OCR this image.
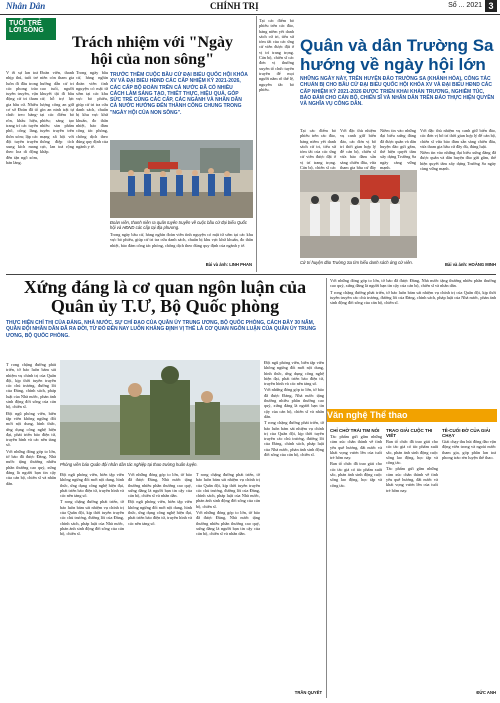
Nhân Dân	CHÍNH TRỊ	Số ... 2021 3
TUỔI TRẺ LỜI SÔNG
Trách nhiệm với "Ngày hội của non sông"
TRƯỚC THỀM CUỘC BẦU CỬ ĐẠI BIỂU QUỐC HỘI KHÓA XV VÀ ĐẠI BIỂU HĐND CÁC CẤP NHIỆM KỲ 2021-2026, CÁC CẤP BỘ ĐOÀN TRÊN CẢ NƯỚC ĐÃ CÓ NHIỀU CÁCH LÀM SÁNG TẠO, THIẾT THỰC, HIỆU QUẢ, GÓP SỨC TRẺ CÙNG CÁC CẤP, CÁC NGÀNH VÀ NHÂN DÂN CẢ NƯỚC HƯỚNG ĐẾN THÀNH CÔNG CHUNG TRONG "NGÀY HỘI CỦA NON SÔNG".

V ới sự lan toả nhịp thú, tuổi trẻ luôn đi đầu trong các phong trào tuyên truyền, vận động cử tri tham gia bầu cử. Nhiều cơ sở Đoàn đã tổ chức treo băng-rôn, khẩu hiệu, trang trí các tuyến phố, cổng làng, thôn xóm; lập các đội tuyên truyền xung kích mang theo loa di động đến tận ngõ xóm, bản làng.

Đoàn viên, thanh niên còn tham gia hướng dẫn cử tri cao tuổi, người khuyết tật đi bầu cử; hỗ trợ lực lượng công an giữ gìn an ninh trật tự tại các điểm bỏ phiếu; sáng tạo nhiều sản phẩm tuyên truyền trên mạng xã hội với thông điệp tích cực, lan toả rộng khắp.

Trong ngày bầu cử, hàng nghìn đoàn viên tình nguyện có mặt từ sớm tại các khu vực bỏ phiếu, giúp cử tri tra cứu danh sách, chuẩn bị khu vực khử khuẩn, đo thân nhiệt, bảo đảm công tác phòng, chống dịch theo đúng quy định của ngành y tế.

Đoàn viên, thanh niên ra quân tuyên truyền về cuộc bầu cử đại biểu Quốc hội và HĐND các cấp tại địa phương.

Trong ngày bầu cử, hàng nghìn đoàn viên tình nguyện có mặt từ sớm tại các khu vực bỏ phiếu, giúp cử tri tra cứu danh sách, chuẩn bị khu vực khử khuẩn, đo thân nhiệt, bảo đảm công tác phòng, chống dịch theo đúng quy định của ngành y tế.

Bài và ảnh: LINH PHAN

Tại các điểm bỏ phiếu trên các đảo, bảng niêm yết danh sách cử tri, tiểu sử tóm tắt của các ứng cử viên được đặt ở vị trí trang trọng. Cán bộ, chiến sĩ các đơn vị thường xuyên tổ chức tuyên truyền để mọi người nắm rõ thể lệ, nguyên tắc bỏ phiếu.

Quân và dân Trường Sa hướng về ngày hội lớn
NHỮNG NGÀY NÀY, TRÊN HUYỆN ĐẢO TRƯỜNG SA (KHÁNH HÒA), CÔNG TÁC CHUẨN BỊ CHO BẦU CỬ ĐẠI BIỂU QUỐC HỘI KHÓA XV VÀ ĐẠI BIỂU HĐND CÁC CẤP NHIỆM KỲ 2021-2026 ĐƯỢC TRIỂN KHAI KHẨN TRƯƠNG, NGHIÊM TÚC, BẢO ĐẢM CHO CÁN BỘ, CHIẾN SĨ VÀ NHÂN DÂN TRÊN ĐẢO THỰC HIỆN QUYỀN VÀ NGHĨA VỤ CÔNG DÂN.

Tại các điểm bỏ phiếu trên các đảo, bảng niêm yết danh sách cử tri, tiểu sử tóm tắt của các ứng cử viên được đặt ở vị trí trang trọng. Cán bộ, chiến sĩ các

Với đặc thù nhiệm vụ canh giữ biển đảo, các đơn vị bố trí thời gian hợp lý để cán bộ, chiến sĩ vừa bảo đảm sẵn sàng chiến đấu, vừa tham gia bầu cử đầy

Niềm tin vào những đại biểu xứng đáng đã được quân và dân huyện đảo gửi gắm, thể hiện quyết tâm xây dựng Trường Sa ngày càng vững mạnh.

Với đặc thù nhiệm vụ canh giữ biển đảo, các đơn vị bố trí thời gian hợp lý để cán bộ, chiến sĩ vừa bảo đảm sẵn sàng chiến đấu, vừa tham gia bầu cử đầy đủ, đúng luật.

Niềm tin vào những đại biểu xứng đáng đã được quân và dân huyện đảo gửi gắm, thể hiện quyết tâm xây dựng Trường Sa ngày càng vững mạnh.

Cử tri huyện đảo Trường Sa tìm hiểu danh sách ứng cử viên.	Bài và ảnh: HOÀNG MINH
Xứng đáng là cơ quan ngôn luận của Quân ủy T.Ư, Bộ Quốc phòng
THỰC HIỆN CHỈ THỊ CỦA ĐẢNG, NHÀ NƯỚC, SỰ CHỈ ĐẠO CỦA QUÂN ỦY TRUNG ƯƠNG, BỘ QUỐC PHÒNG, CÁCH ĐÂY 30 NĂM, QUÂN ĐỘI NHÂN DÂN ĐÃ RA ĐỜI, TỪ ĐÓ ĐẾN NAY LUÔN KHẲNG ĐỊNH VỊ THẾ LÀ CƠ QUAN NGÔN LUẬN CỦA QUÂN ỦY TRUNG ƯƠNG, BỘ QUỐC PHÒNG.

T rong chặng đường phát triển, tờ báo luôn bám sát nhiệm vụ chính trị của Quân đội, kịp thời tuyên truyền các chủ trương, đường lối của Đảng, chính sách, pháp luật của Nhà nước, phản ánh sinh động đời sống của cán bộ, chiến sĩ.

Đội ngũ phóng viên, biên tập viên không ngừng đổi mới nội dung, hình thức, ứng dụng công nghệ hiện đại, phát triển báo điện tử, truyền hình và các nền tảng số.

Với những đóng góp to lớn, tờ báo đã được Đảng, Nhà nước tặng thưởng nhiều phần thưởng cao quý, xứng đáng là người bạn tin cậy của cán bộ, chiến sĩ và nhân dân.

Phóng viên báo Quân đội nhân dân tác nghiệp tại thao trường huấn luyện.

Đội ngũ phóng viên, biên tập viên không ngừng đổi mới nội dung, hình thức, ứng dụng công nghệ hiện đại, phát triển báo điện tử, truyền hình và các nền tảng số.

T rong chặng đường phát triển, tờ báo luôn bám sát nhiệm vụ chính trị của Quân đội, kịp thời tuyên truyền các chủ trương, đường lối của Đảng, chính sách, pháp luật của Nhà nước, phản ánh sinh động đời sống của cán bộ, chiến sĩ.

Với những đóng góp to lớn, tờ báo đã được Đảng, Nhà nước tặng thưởng nhiều phần thưởng cao quý, xứng đáng là người bạn tin cậy của cán bộ, chiến sĩ và nhân dân.

Đội ngũ phóng viên, biên tập viên không ngừng đổi mới nội dung, hình thức, ứng dụng công nghệ hiện đại, phát triển báo điện tử, truyền hình và các nền tảng số.

T rong chặng đường phát triển, tờ báo luôn bám sát nhiệm vụ chính trị của Quân đội, kịp thời tuyên truyền các chủ trương, đường lối của Đảng, chính sách, pháp luật của Nhà nước, phản ánh sinh động đời sống của cán bộ, chiến sĩ.

Với những đóng góp to lớn, tờ báo đã được Đảng, Nhà nước tặng thưởng nhiều phần thưởng cao quý, xứng đáng là người bạn tin cậy của cán bộ, chiến sĩ và nhân dân.

Đội ngũ phóng viên, biên tập viên không ngừng đổi mới nội dung, hình thức, ứng dụng công nghệ hiện đại, phát triển báo điện tử, truyền hình và các nền tảng số.

Với những đóng góp to lớn, tờ báo đã được Đảng, Nhà nước tặng thưởng nhiều phần thưởng cao quý, xứng đáng là người bạn tin cậy của cán bộ, chiến sĩ và nhân dân.

T rong chặng đường phát triển, tờ báo luôn bám sát nhiệm vụ chính trị của Quân đội, kịp thời tuyên truyền các chủ trương, đường lối của Đảng, chính sách, pháp luật của Nhà nước, phản ánh sinh động đời sống của cán bộ, chiến sĩ.

TRẦN QUYẾT

Với những đóng góp to lớn, tờ báo đã được Đảng, Nhà nước tặng thưởng nhiều phần thưởng cao quý, xứng đáng là người bạn tin cậy của cán bộ, chiến sĩ và nhân dân.

T rong chặng đường phát triển, tờ báo luôn bám sát nhiệm vụ chính trị của Quân đội, kịp thời tuyên truyền các chủ trương, đường lối của Đảng, chính sách, pháp luật của Nhà nước, phản ánh sinh động đời sống của cán bộ, chiến sĩ.

Văn nghệ Thể thao
CHỈ CHỜ TRÁI TIM NÓI

Tác phẩm gửi gắm những cảm xúc chân thành về tình yêu quê hương, đất nước và khát vọng vươn lên của tuổi trẻ hôm nay.

Ban tổ chức đã trao giải cho các tác giả có tác phẩm xuất sắc, phản ánh sinh động cuộc sống lao động, học tập và công tác.

TRAO GIẢI CUỘC THI VIẾT

Ban tổ chức đã trao giải cho các tác giả có tác phẩm xuất sắc, phản ánh sinh động cuộc sống lao động, học tập và công tác.

Tác phẩm gửi gắm những cảm xúc chân thành về tình yêu quê hương, đất nước và khát vọng vươn lên của tuổi trẻ hôm nay.

TÊ-CUỐI ĐỜ CỦA GIẢI CHẠY

Giải chạy thu hút đông đảo vận động viên trong và ngoài nước tham gia, góp phần lan toả phong trào rèn luyện thể thao.

ĐỨC ANH
